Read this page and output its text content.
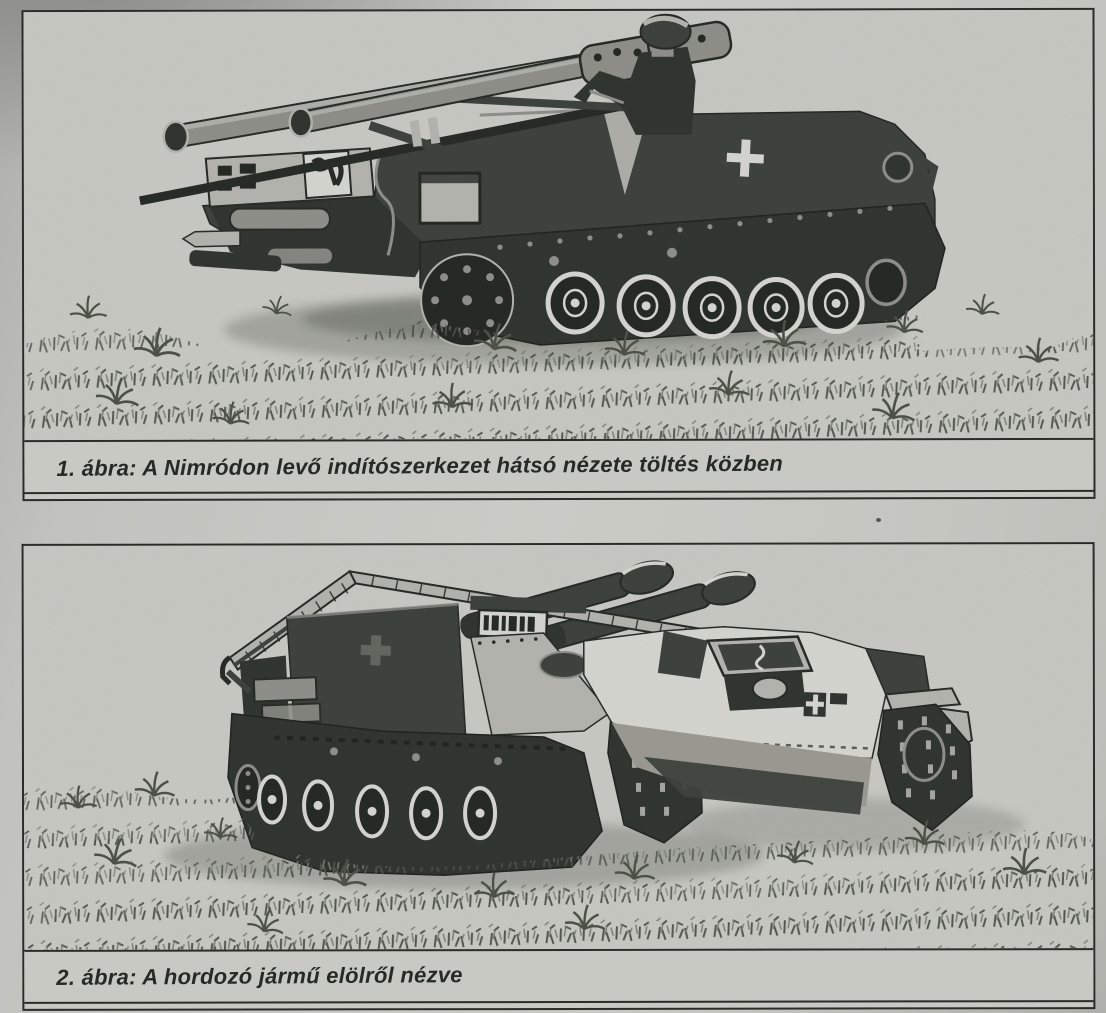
1. ábra: A Nimródon levő indítószerkezet hátsó nézete töltés közben
2. ábra: A hordozó jármű elölről nézve
